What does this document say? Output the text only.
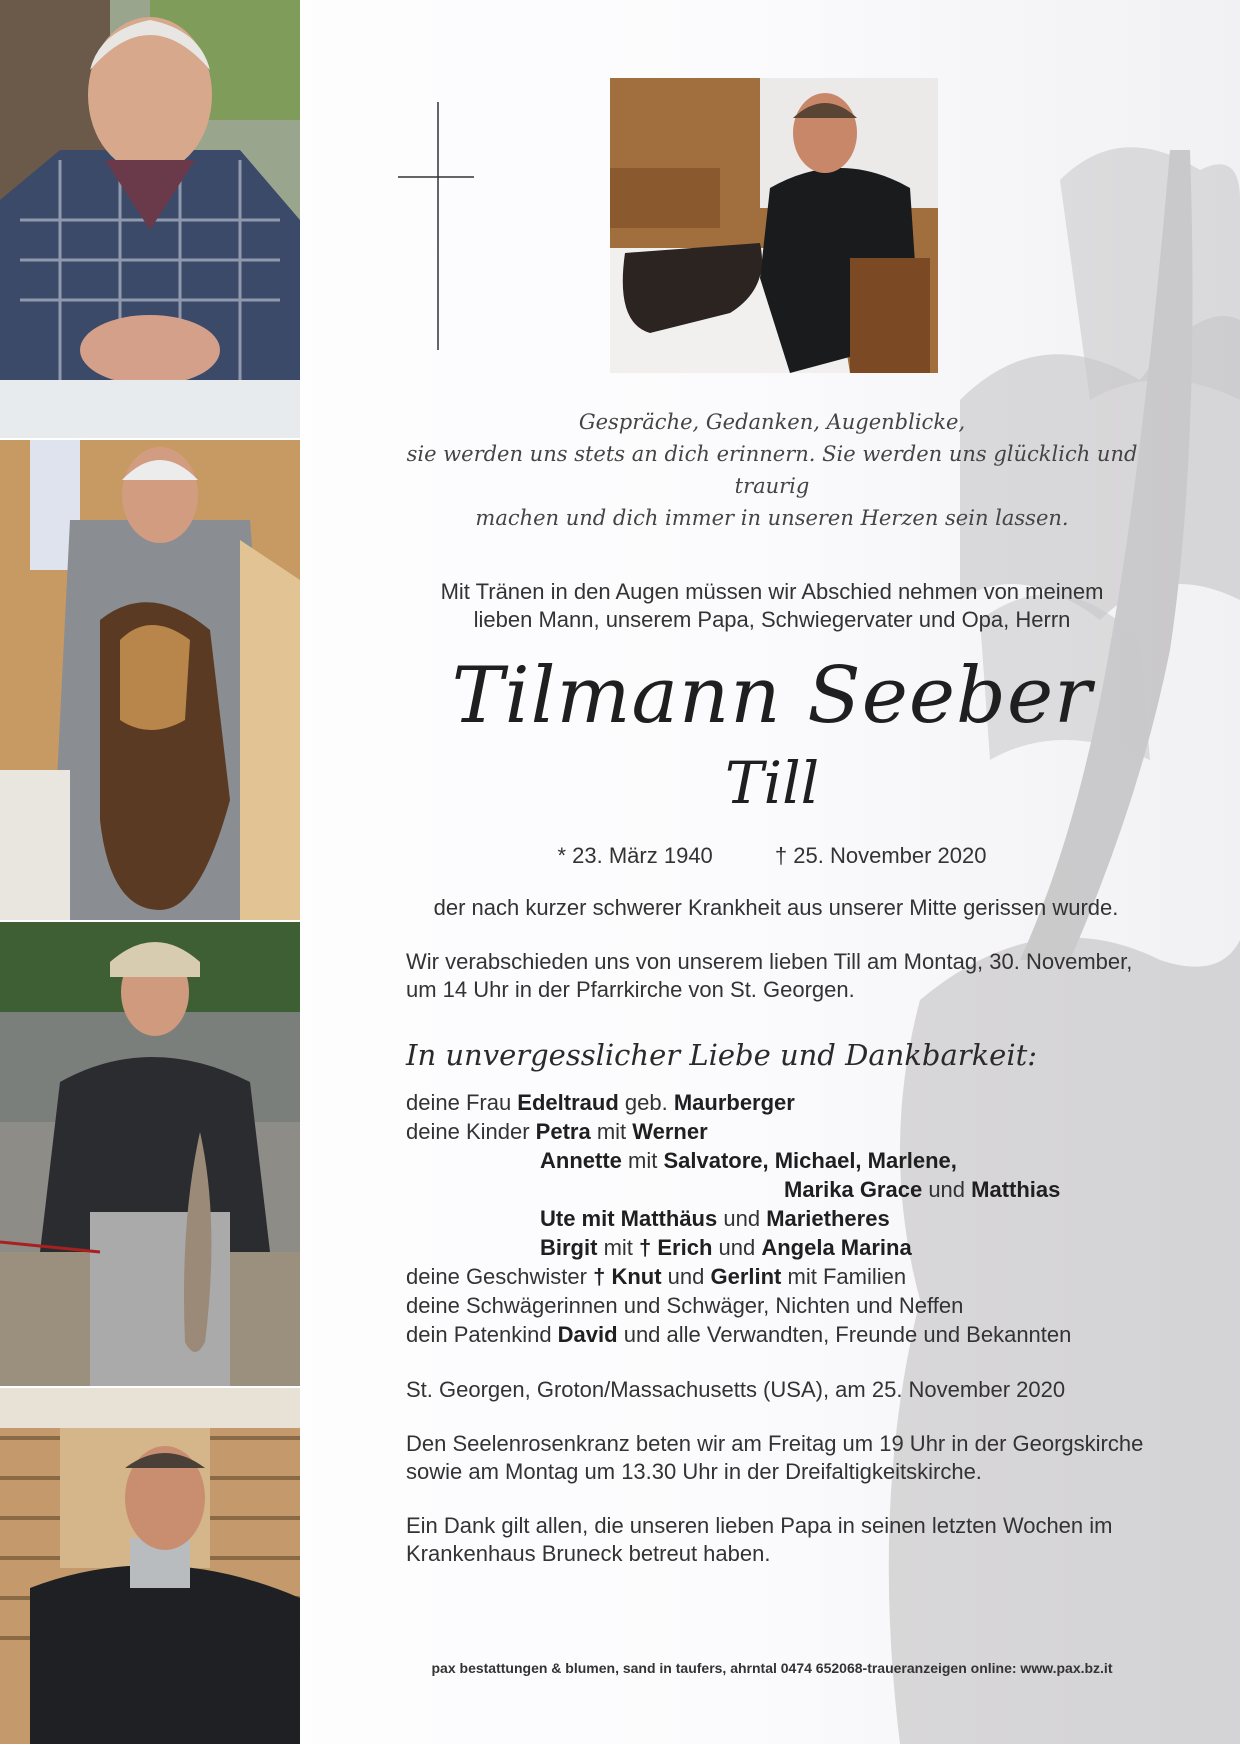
Gespräche, Gedanken, Augenblicke,
sie werden uns stets an dich erinnern. Sie werden uns glücklich und traurig
machen und dich immer in unseren Herzen sein lassen.
Mit Tränen in den Augen müssen wir Abschied nehmen von meinem
lieben Mann, unserem Papa, Schwiegervater und Opa, Herrn
Tilmann Seeber
Till
* 23. März 1940	† 25. November 2020
der nach kurzer schwerer Krankheit aus unserer Mitte gerissen wurde.
Wir verabschieden uns von unserem lieben Till am Montag, 30. November,
um 14 Uhr in der Pfarrkirche von St. Georgen.
In unvergesslicher Liebe und Dankbarkeit:
deine Frau Edeltraud geb. Maurberger
deine Kinder Petra mit Werner
Annette mit Salvatore, Michael, Marlene,
Marika Grace und Matthias
Ute mit Matthäus und Marietheres
Birgit mit † Erich und Angela Marina
deine Geschwister † Knut und Gerlint mit Familien
deine Schwägerinnen und Schwäger, Nichten und Neffen
dein Patenkind David und alle Verwandten, Freunde und Bekannten
St. Georgen, Groton/Massachusetts (USA), am 25. November 2020
Den Seelenrosenkranz beten wir am Freitag um 19 Uhr in der Georgskirche
sowie am Montag um 13.30 Uhr in der Dreifaltigkeitskirche.
Ein Dank gilt allen, die unseren lieben Papa in seinen letzten Wochen im
Krankenhaus Bruneck betreut haben.
pax bestattungen & blumen, sand in taufers, ahrntal 0474 652068-traueranzeigen online: www.pax.bz.it
